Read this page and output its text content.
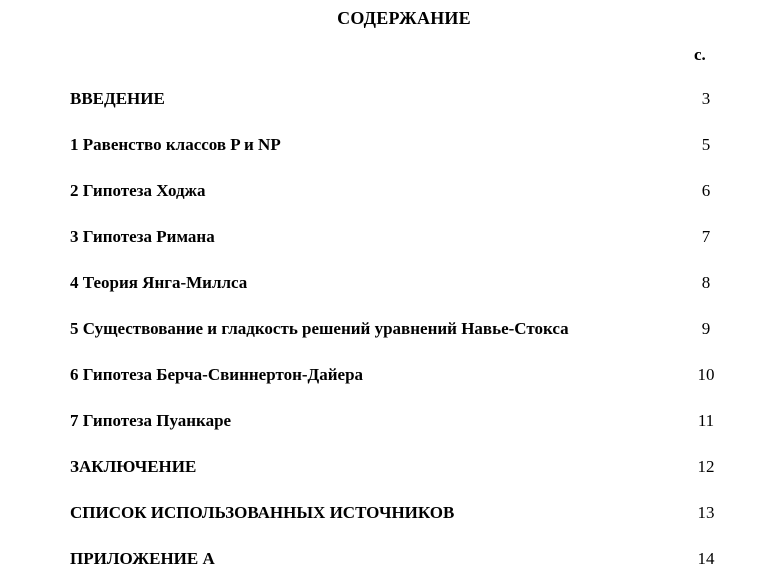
СОДЕРЖАНИЕ
с.
ВВЕДЕНИЕ	3
1 Равенство классов P и NP	5
2 Гипотеза Ходжа	6
3 Гипотеза Римана	7
4 Теория Янга-Миллса	8
5 Существование и гладкость решений уравнений Навье-Стокса	9
6 Гипотеза Берча-Свиннертон-Дайера	10
7 Гипотеза Пуанкаре	11
ЗАКЛЮЧЕНИЕ	12
СПИСОК ИСПОЛЬЗОВАННЫХ ИСТОЧНИКОВ	13
ПРИЛОЖЕНИЕ А	14
